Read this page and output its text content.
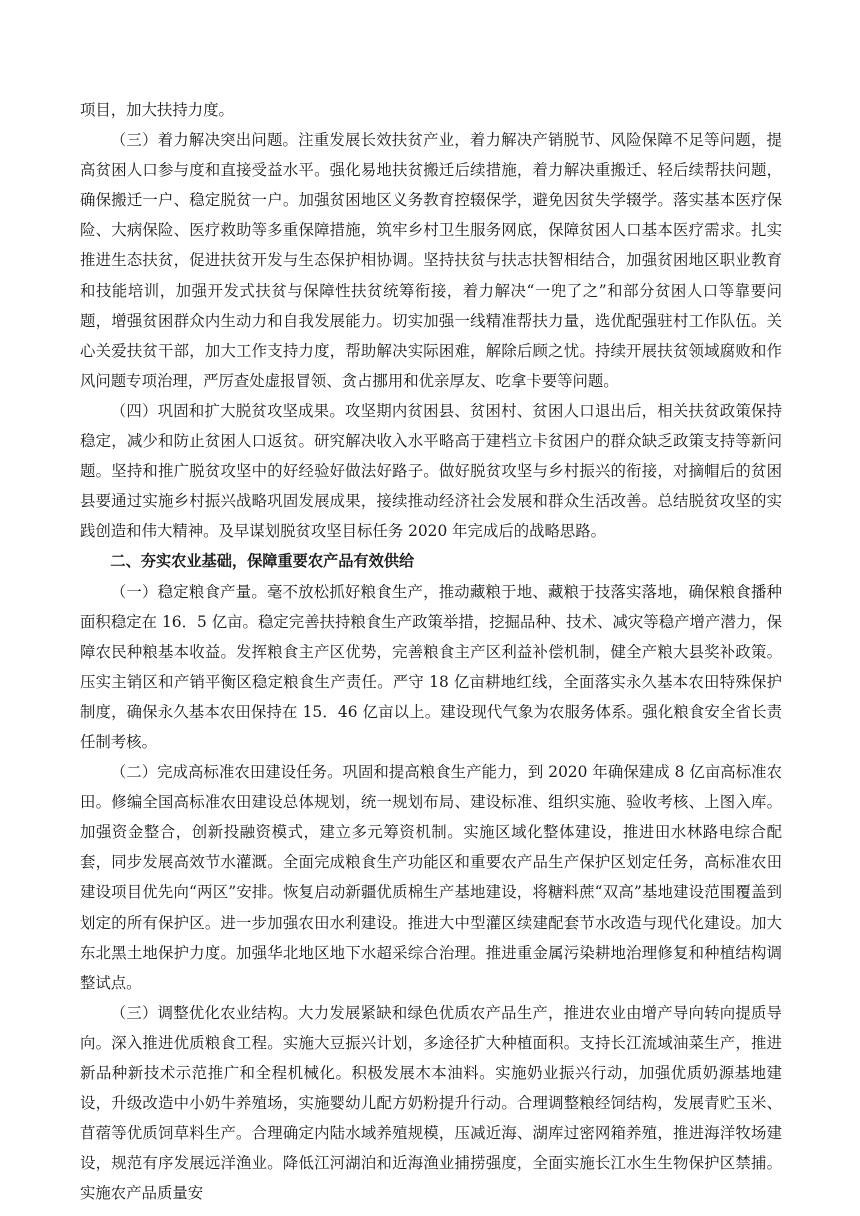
项目，加大扶持力度。

（三）着力解决突出问题。注重发展长效扶贫产业，着力解决产销脱节、风险保障不足等问题，提高贫困人口参与度和直接受益水平。强化易地扶贫搬迁后续措施，着力解决重搬迁、轻后续帮扶问题，确保搬迁一户、稳定脱贫一户。加强贫困地区义务教育控辍保学，避免因贫失学辍学。落实基本医疗保险、大病保险、医疗救助等多重保障措施，筑牢乡村卫生服务网底，保障贫困人口基本医疗需求。扎实推进生态扶贫，促进扶贫开发与生态保护相协调。坚持扶贫与扶志扶智相结合，加强贫困地区职业教育和技能培训，加强开发式扶贫与保障性扶贫统筹衔接，着力解决“一兜了之”和部分贫困人口等靠要问题，增强贫困群众内生动力和自我发展能力。切实加强一线精准帮扶力量，选优配强驻村工作队伍。关心关爱扶贫干部，加大工作支持力度，帮助解决实际困难，解除后顾之忧。持续开展扶贫领域腐败和作风问题专项治理，严厉查处虚报冒领、贪占挪用和优亲厚友、吃拿卡要等问题。

（四）巩固和扩大脱贫攻坚成果。攻坚期内贫困县、贫困村、贫困人口退出后，相关扶贫政策保持稳定，减少和防止贫困人口返贫。研究解决收入水平略高于建档立卡贫困户的群众缺乏政策支持等新问题。坚持和推广脱贫攻坚中的好经验好做法好路子。做好脱贫攻坚与乡村振兴的衔接，对摘帽后的贫困县要通过实施乡村振兴战略巩固发展成果，接续推动经济社会发展和群众生活改善。总结脱贫攻坚的实践创造和伟大精神。及早谋划脱贫攻坚目标任务 2020 年完成后的战略思路。

二、夯实农业基础，保障重要农产品有效供给

（一）稳定粮食产量。毫不放松抓好粮食生产，推动藏粮于地、藏粮于技落实落地，确保粮食播种面积稳定在 16．5 亿亩。稳定完善扶持粮食生产政策举措，挖掘品种、技术、减灾等稳产增产潜力，保障农民种粮基本收益。发挥粮食主产区优势，完善粮食主产区利益补偿机制，健全产粮大县奖补政策。压实主销区和产销平衡区稳定粮食生产责任。严守 18 亿亩耕地红线，全面落实永久基本农田特殊保护制度，确保永久基本农田保持在 15．46 亿亩以上。建设现代气象为农服务体系。强化粮食安全省长责任制考核。

（二）完成高标准农田建设任务。巩固和提高粮食生产能力，到 2020 年确保建成 8 亿亩高标准农田。修编全国高标准农田建设总体规划，统一规划布局、建设标准、组织实施、验收考核、上图入库。加强资金整合，创新投融资模式，建立多元筹资机制。实施区域化整体建设，推进田水林路电综合配套，同步发展高效节水灌溉。全面完成粮食生产功能区和重要农产品生产保护区划定任务，高标准农田建设项目优先向“两区”安排。恢复启动新疆优质棉生产基地建设，将糖料蔗“双高”基地建设范围覆盖到划定的所有保护区。进一步加强农田水利建设。推进大中型灌区续建配套节水改造与现代化建设。加大东北黑土地保护力度。加强华北地区地下水超采综合治理。推进重金属污染耕地治理修复和种植结构调整试点。

（三）调整优化农业结构。大力发展紧缺和绿色优质农产品生产，推进农业由增产导向转向提质导向。深入推进优质粮食工程。实施大豆振兴计划，多途径扩大种植面积。支持长江流域油菜生产，推进新品种新技术示范推广和全程机械化。积极发展木本油料。实施奶业振兴行动，加强优质奶源基地建设，升级改造中小奶牛养殖场，实施婴幼儿配方奶粉提升行动。合理调整粮经饲结构，发展青贮玉米、苜蓿等优质饲草料生产。合理确定内陆水域养殖规模，压减近海、湖库过密网箱养殖，推进海洋牧场建设，规范有序发展远洋渔业。降低江河湖泊和近海渔业捕捞强度，全面实施长江水生生物保护区禁捕。实施农产品质量安
